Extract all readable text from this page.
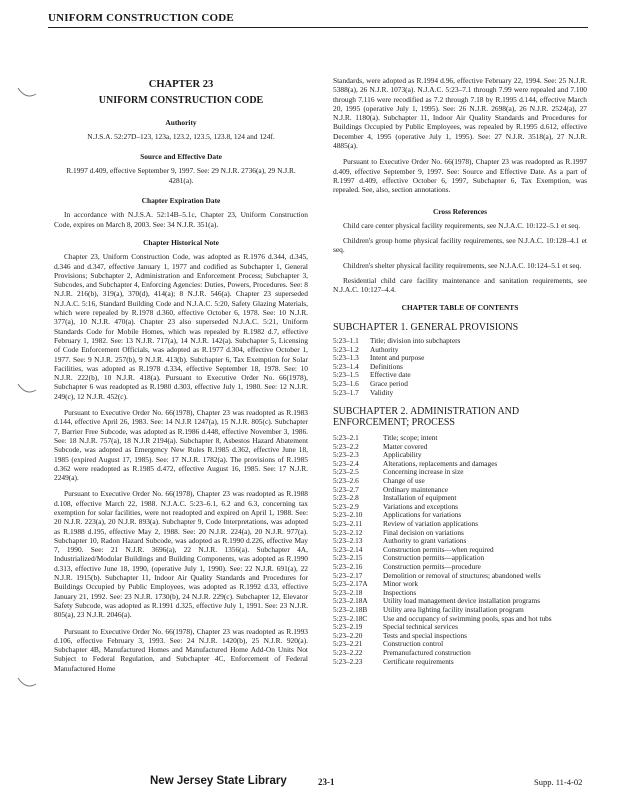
UNIFORM CONSTRUCTION CODE
CHAPTER 23
UNIFORM CONSTRUCTION CODE
Authority
N.J.S.A. 52:27D–123, 123a, 123.2, 123.5, 123.8, 124 and 124f.
Source and Effective Date
R.1997 d.409, effective September 9, 1997. See: 29 N.J.R. 2736(a), 29 N.J.R. 4281(a).
Chapter Expiration Date

In accordance with N.J.S.A. 52:14B–5.1c, Chapter 23, Uniform Construction Code, expires on March 8, 2003. See: 34 N.J.R. 351(a).

Chapter Historical Note

Chapter 23, Uniform Construction Code, was adopted as R.1976 d.344, d.345, d.346 and d.347, effective January 1, 1977 and codified as Subchapter 1, General Provisions; Subchapter 2, Administration and Enforcement Process; Subchapter 3, Subcodes, and Subchapter 4, Enforcing Agencies: Duties, Powers, Procedures. See: 8 N.J.R. 216(b), 319(a), 370(d), 414(a); 8 N.J.R. 546(a). Chapter 23 superseded N.J.A.C. 5:16, Standard Building Code and N.J.A.C. 5:20, Safety Glazing Materials, which were repealed by R.1978 d.360, effective October 6, 1978. See: 10 N.J.R. 377(a), 10 N.J.R. 470(a). Chapter 23 also superseded N.J.A.C. 5:21, Uniform Standards Code for Mobile Homes, which was repealed by R.1982 d.7, effective February 1, 1982. See: 13 N.J.R. 717(a), 14 N.J.R. 142(a). Subchapter 5, Licensing of Code Enforcement Officials, was adopted as R.1977 d.304, effective October 1, 1977. See: 9 N.J.R. 257(b), 9 N.J.R. 413(b). Subchapter 6, Tax Exemption for Solar Facilities, was adopted as R.1978 d.334, effective September 18, 1978. See: 10 N.J.R. 222(b), 10 N.J.R. 418(a). Pursuant to Executive Order No. 66(1978), Subchapter 6 was readopted as R.1980 d.303, effective July 1, 1980. See: 12 N.J.R. 249(c), 12 N.J.R. 452(c).

Pursuant to Executive Order No. 66(1978), Chapter 23 was readopted as R.1983 d.144, effective April 26, 1983. See: 14 N.J.R 1247(a), 15 N.J.R. 805(c). Subchapter 7, Barrier Free Subcode, was adopted as R.1986 d.448, effective November 3, 1986. See: 18 N.J.R. 757(a), 18 N.J.R 2194(a). Subchapter 8, Asbestos Hazard Abatement Subcode, was adopted as Emergency New Rules R.1985 d.362, effective June 18, 1985 (expired August 17, 1985). See: 17 N.J.R. 1782(a). The provisions of R.1985 d.362 were readopted as R.1985 d.472, effective August 16, 1985. See: 17 N.J.R. 2249(a).

Pursuant to Executive Order No. 66(1978), Chapter 23 was readopted as R.1988 d.108, effective March 22, 1988. N.J.A.C. 5:23–6.1, 6.2 and 6.3, concerning tax exemption for solar facilities, were not readopted and expired on April 1, 1988. See: 20 N.J.R. 223(a), 20 N.J.R. 893(a). Subchapter 9, Code Interpretations, was adopted as R.1988 d.195, effective May 2, 1988. See: 20 N.J.R. 224(a), 20 N.J.R. 977(a). Subchapter 10, Radon Hazard Subcode, was adopted as R.1990 d.226, effective May 7, 1990. See: 21 N.J.R. 3696(a), 22 N.J.R. 1356(a). Subchapter 4A, Industrialized/Modular Buildings and Building Components, was adopted as R.1990 d.313, effective June 18, 1990, (operative July 1, 1990). See: 22 N.J.R. 691(a), 22 N.J.R. 1915(b). Subchapter 11, Indoor Air Quality Standards and Procedures for Buildings Occupied by Public Employees, was adopted as R.1992 d.33, effective January 21, 1992. See: 23 N.J.R. 1730(b), 24 N.J.R. 229(c). Subchapter 12, Elevator Safety Subcode, was adopted as R.1991 d.325, effective July 1, 1991. See: 23 N.J.R. 805(a), 23 N.J.R. 2046(a).

Pursuant to Executive Order No. 66(1978), Chapter 23 was readopted as R.1993 d.106, effective February 3, 1993. See: 24 N.J.R. 1420(b), 25 N.J.R. 920(a). Subchapter 4B, Manufactured Homes and Manufactured Home Add-On Units Not Subject to Federal Regulation, and Subchapter 4C, Enforcement of Federal Manufactured Home

Standards, were adopted as R.1994 d.96, effective February 22, 1994. See: 25 N.J.R. 5388(a), 26 N.J.R. 1073(a). N.J.A.C. 5:23–7.1 through 7.99 were repealed and 7.100 through 7.116 were recodified as 7.2 through 7.18 by R.1995 d.144, effective March 20, 1995 (operative July 1, 1995). See: 26 N.J.R. 2698(a), 26 N.J.R. 2524(a), 27 N.J.R. 1180(a). Subchapter 11, Indoor Air Quality Standards and Procedures for Buildings Occupied by Public Employees, was repealed by R.1995 d.612, effective December 4, 1995 (operative July 1, 1995). See: 27 N.J.R. 3518(a), 27 N.J.R. 4885(a).

Pursuant to Executive Order No. 66(1978), Chapter 23 was readopted as R.1997 d.409, effective September 9, 1997. See: Source and Effective Date. As a part of R.1997 d.409, effective October 6, 1997, Subchapter 6, Tax Exemption, was repealed. See, also, section annotations.

Cross References

Child care center physical facility requirements, see N.J.A.C. 10:122–5.1 et seq.

Children's group home physical facility requirements, see N.J.A.C. 10:128–4.1 et seq.

Children's shelter physical facility requirements, see N.J.A.C. 10:124–5.1 et seq.

Residential child care facility maintenance and sanitation requirements, see N.J.A.C. 10:127–4.4.

CHAPTER TABLE OF CONTENTS
SUBCHAPTER 1. GENERAL PROVISIONS
5:23–1.1	Title; division into subchapters
5:23–1.2	Authority
5:23–1.3	Intent and purpose
5:23–1.4	Definitions
5:23–1.5	Effective date
5:23–1.6	Grace period
5:23–1.7	Validity
SUBCHAPTER 2. ADMINISTRATION AND ENFORCEMENT; PROCESS
5:23–2.1	Title; scope; intent
5:23–2.2	Matter covered
5:23–2.3	Applicability
5:23–2.4	Alterations, replacements and damages
5:23–2.5	Concerning increase in size
5:23–2.6	Change of use
5:23–2.7	Ordinary maintenance
5:23–2.8	Installation of equipment
5:23–2.9	Variations and exceptions
5:23–2.10	Applications for variations
5:23–2.11	Review of variation applications
5:23–2.12	Final decision on variations
5:23–2.13	Authority to grant variations
5:23–2.14	Construction permits—when required
5:23–2.15	Construction permits—application
5:23–2.16	Construction permits—procedure
5:23–2.17	Demolition or removal of structures; abandoned wells
5:23–2.17A	Minor work
5:23–2.18	Inspections
5:23–2.18A	Utility load management device installation programs
5:23–2.18B	Utility area lighting facility installation program
5:23–2.18C	Use and occupancy of swimming pools, spas and hot tubs
5:23–2.19	Special technical services
5:23–2.20	Tests and special inspections
5:23–2.21	Construction control
5:23–2.22	Premanufactured construction
5:23–2.23	Certificate requirements
New Jersey State Library	23-1	Supp. 11-4-02
